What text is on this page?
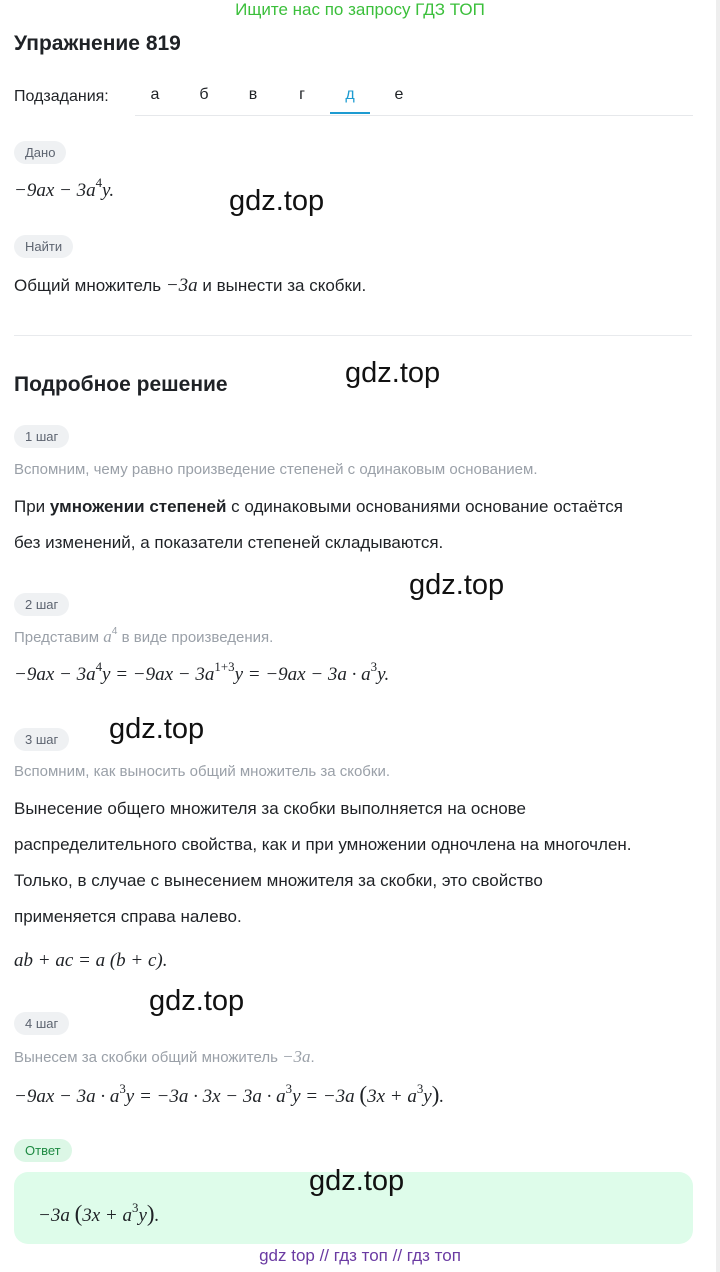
Ищите нас по запросу ГДЗ ТОП
Упражнение 819
Подзадания:	а	б	в	г	д	е
Дано
$-9ax - 3a^4y$.
Найти
Общий множитель −3a и вынести за скобки.
Подробное решение
1 шаг
Вспомним, чему равно произведение степеней с одинаковым основанием.
При умножении степеней с одинаковыми основаниями основание остаётся
без изменений, а показатели степеней складываются.
2 шаг
Представим $a^4$ в виде произведения.
$-9ax - 3a^4y = -9ax - 3a^{1+3}y = -9ax - 3a \cdot a^3y$.
3 шаг
Вспомним, как выносить общий множитель за скобки.
Вынесение общего множителя за скобки выполняется на основе
распределительного свойства, как и при умножении одночлена на многочлен.
Только, в случае с вынесением множителя за скобки, это свойство
применяется справа налево.
ab + ac = a (b + c).
4 шаг
Вынесем за скобки общий множитель −3a.
$-9ax - 3a \cdot a^3y = -3a \cdot 3x - 3a \cdot a^3y = -3a$ $(3x + a^3y)$.
Ответ
−3a $(3x + a^3y)$.
gdz.top
gdz.top
gdz.top
gdz.top
gdz.top
gdz.top
gdz top // гдз топ // гдз топ
